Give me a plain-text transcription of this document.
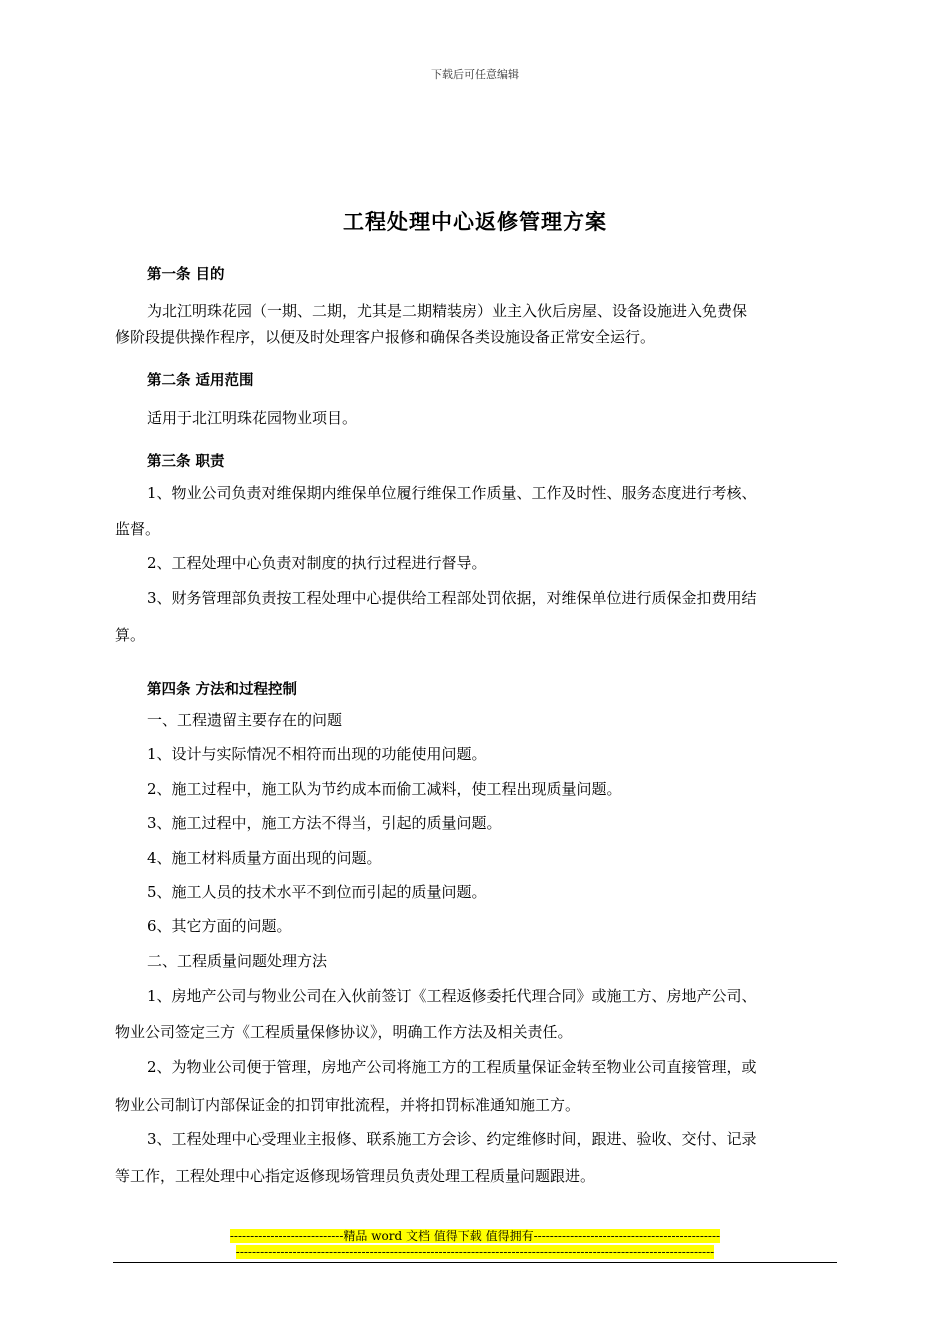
下载后可任意编辑
工程处理中心返修管理方案
第一条 目的
为北江明珠花园（一期、二期，尤其是二期精装房）业主入伙后房屋、设备设施进入免费保
修阶段提供操作程序，以便及时处理客户报修和确保各类设施设备正常安全运行。
第二条 适用范围
适用于北江明珠花园物业项目。
第三条 职责
1、物业公司负责对维保期内维保单位履行维保工作质量、工作及时性、服务态度进行考核、
监督。
2、工程处理中心负责对制度的执行过程进行督导。
3、财务管理部负责按工程处理中心提供给工程部处罚依据，对维保单位进行质保金扣费用结
算。
第四条 方法和过程控制
一、工程遗留主要存在的问题
1、设计与实际情况不相符而出现的功能使用问题。
2、施工过程中，施工队为节约成本而偷工减料，使工程出现质量问题。
3、施工过程中，施工方法不得当，引起的质量问题。
4、施工材料质量方面出现的问题。
5、施工人员的技术水平不到位而引起的质量问题。
6、其它方面的问题。
二、工程质量问题处理方法
1、房地产公司与物业公司在入伙前签订《工程返修委托代理合同》或施工方、房地产公司、
物业公司签定三方《工程质量保修协议》，明确工作方法及相关责任。
2、为物业公司便于管理，房地产公司将施工方的工程质量保证金转至物业公司直接管理，或
物业公司制订内部保证金的扣罚审批流程，并将扣罚标准通知施工方。
3、工程处理中心受理业主报修、联系施工方会诊、约定维修时间，跟进、验收、交付、记录
等工作，工程处理中心指定返修现场管理员负责处理工程质量问题跟进。
----------------------------精品 word 文档 值得下载 值得拥有----------------------------------------------
----------------------------------------------------------------------------------------------------------------------
